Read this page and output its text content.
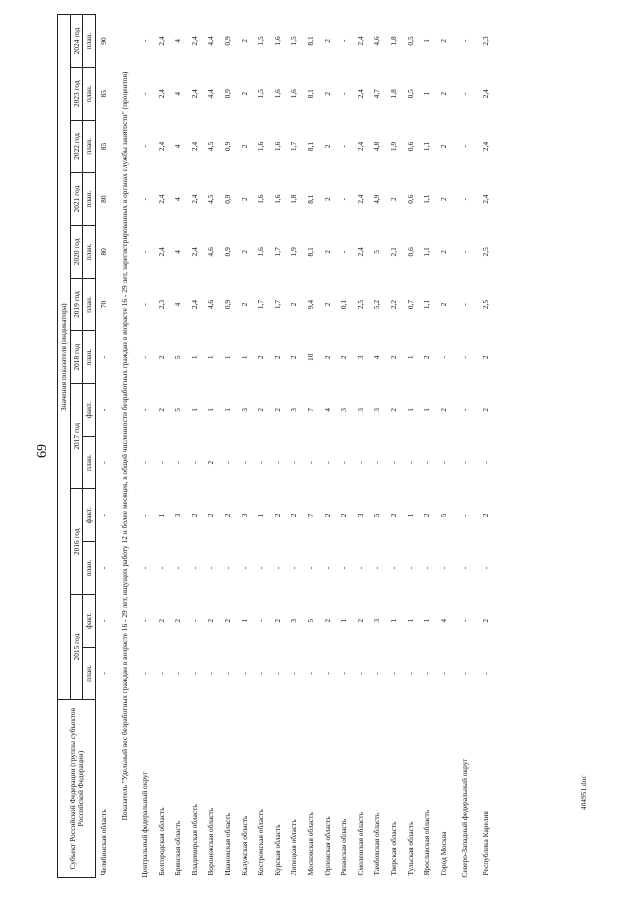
69
Субъект Российской Федерации (группы субъектов Российской Федерации)	Значения показателя (индикатора)												
	2015 год		2016 год		2017 год		2018 год	2019 год	2020 год	2021 год	2022 год	2023 год	2024 год
	план.	факт.	план.	факт.	план.	факт.	план.	план.	план.	план.	план.	план.	план.
Челябинская область	-	-	-	-	-	-	-	70	80	80	85	85	90
Показатель "Удельный вес безработных граждан в возрасте 16 - 29 лет, ищущих работу 12 и более месяцев, в общей численности безработных граждан в возрасте 16 - 29 лет, зарегистрированных в органах службы занятости" (процентов)													
Центральный федеральный округ	-	-	-	-	-	-	-	-	-	-	-	-	-
Белгородская область	-	2	-	1	-	2	2	2,3	2,4	2,4	2,4	2,4	2,4
Брянская область	-	2	-	3	-	5	5	4	4	4	4	4	4
Владимирская область	-	-	-	2	-	1	1	2,4	2,4	2,4	2,4	2,4	2,4
Воронежская область	-	2	-	2	2	1	1	4,6	4,6	4,5	4,5	4,4	4,4
Ивановская область	-	2	-	2	-	1	1	0,9	0,9	0,9	0,9	0,9	0,9
Калужская область	-	1	-	3	-	3	1	2	2	2	2	2	2
Костромская область	-	-	-	1	-	2	2	1,7	1,6	1,6	1,6	1,5	1,5
Курская область	-	2	-	2	-	2	2	1,7	1,7	1,6	1,6	1,6	1,6
Липецкая область	-	3	-	2	-	3	2	2	1,9	1,8	1,7	1,6	1,5
Московская область	-	5	-	7	-	7	10	9,4	8,1	8,1	8,1	8,1	8,1
Орловская область	-	2	-	2	-	4	2	2	2	2	2	2	2
Рязанская область	-	1	-	2	-	3	2	0,1	-	-	-	-	-
Смоленская область	-	2	-	3	-	3	3	2,5	2,4	2,4	2,4	2,4	2,4
Тамбовская область	-	3	-	5	-	3	4	5,2	5	4,9	4,8	4,7	4,6
Тверская область	-	1	-	2	-	2	2	2,2	2,1	2	1,9	1,8	1,8
Тульская область	-	1	-	1	-	1	1	0,7	0,6	0,6	0,6	0,5	0,5
Ярославская область	-	1	-	2	-	1	2	1,1	1,1	1,1	1,1	1	1
Город Москва	-	4	-	5	-	2	-	2	2	2	2	2	2
Северо-Западный федеральный округ	-	-	-	-	-	-	-	-	-	-	-	-	-
Республика Карелия	-	2	-	2	-	2	2	2,5	2,5	2,4	2,4	2,4	2,3
404951.doc
